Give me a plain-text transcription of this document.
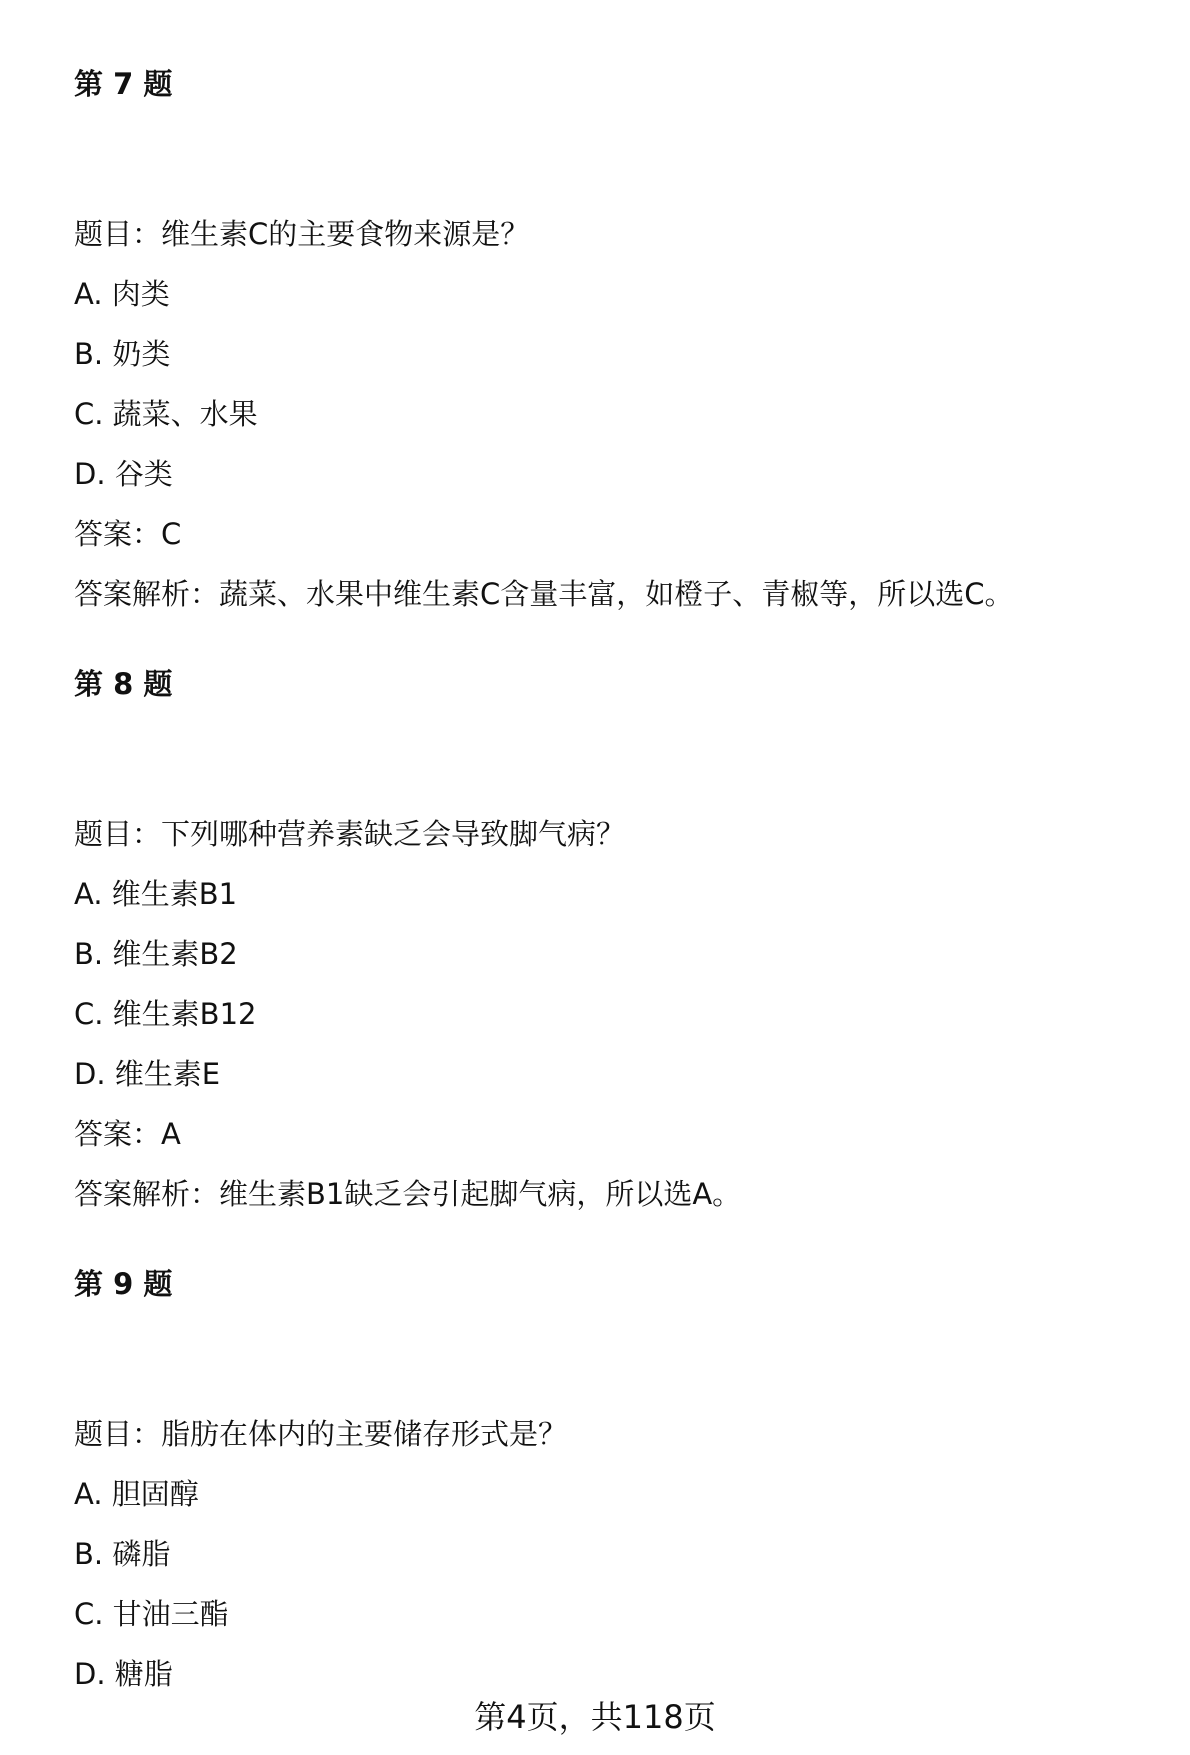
第 7 题
题目：维生素C的主要食物来源是？
A. 肉类
B. 奶类
C. 蔬菜、水果
D. 谷类
答案：C
答案解析：蔬菜、水果中维生素C含量丰富，如橙子、青椒等，所以选C。
第 8 题
题目：下列哪种营养素缺乏会导致脚气病？
A. 维生素B1
B. 维生素B2
C. 维生素B12
D. 维生素E
答案：A
答案解析：维生素B1缺乏会引起脚气病，所以选A。
第 9 题
题目：脂肪在体内的主要储存形式是？
A. 胆固醇
B. 磷脂
C. 甘油三酯
D. 糖脂
第4页，共118页
